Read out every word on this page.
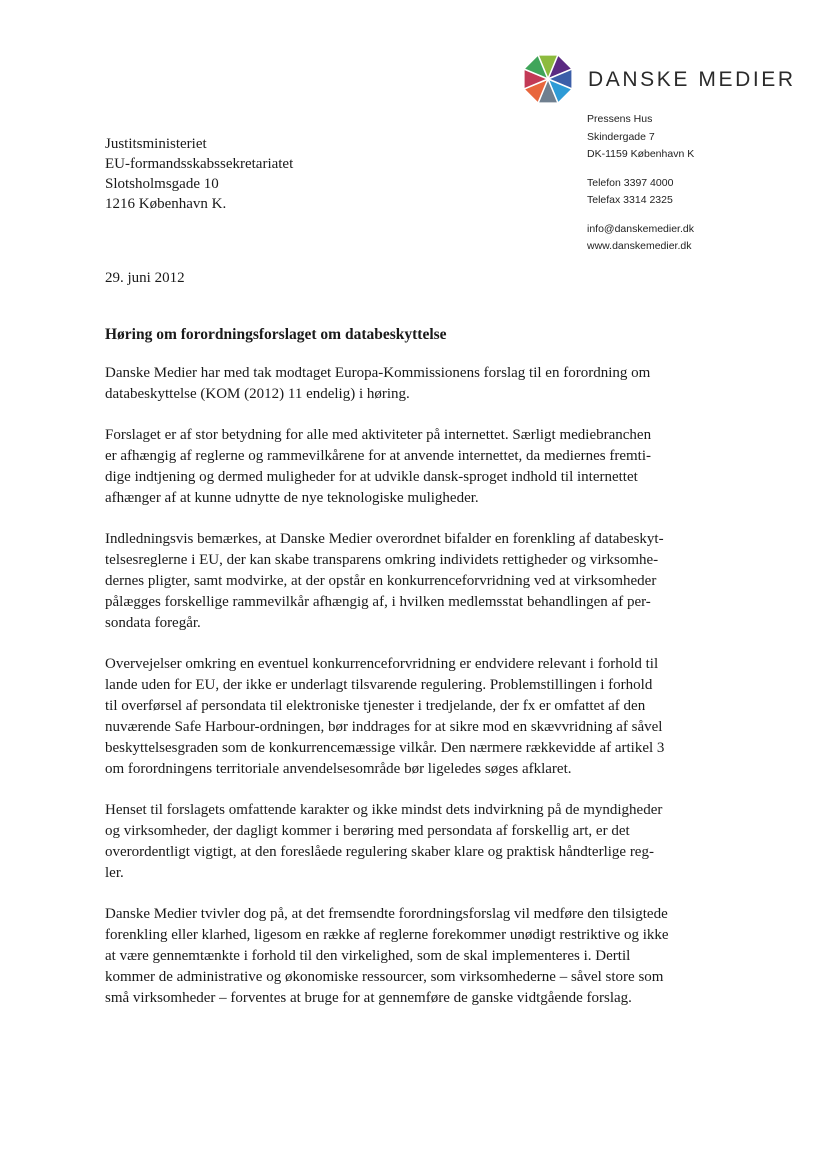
DANSKE MEDIER
Pressens Hus
Skindergade 7
DK-1159 København K
Telefon 3397 4000
Telefax 3314 2325
info@danskemedier.dk
www.danskemedier.dk
Justitsministeriet
EU-formandsskabssekretariatet
Slotsholmsgade 10
1216 København K.
29. juni 2012
Høring om forordningsforslaget om databeskyttelse

Danske Medier har med tak modtaget Europa-Kommissionens forslag til en forordning om
databeskyttelse (KOM (2012) 11 endelig) i høring.

Forslaget er af stor betydning for alle med aktiviteter på internettet. Særligt mediebranchen
er afhængig af reglerne og rammevilkårene for at anvende internettet, da mediernes fremti-
dige indtjening og dermed muligheder for at udvikle dansk-sproget indhold til internettet
afhænger af at kunne udnytte de nye teknologiske muligheder.

Indledningsvis bemærkes, at Danske Medier overordnet bifalder en forenkling af databeskyt-
telsesreglerne i EU, der kan skabe transparens omkring individets rettigheder og virksomhe-
dernes pligter, samt modvirke, at der opstår en konkurrenceforvridning ved at virksomheder
pålægges forskellige rammevilkår afhængig af, i hvilken medlemsstat behandlingen af per-
sondata foregår.

Overvejelser omkring en eventuel konkurrenceforvridning er endvidere relevant i forhold til
lande uden for EU, der ikke er underlagt tilsvarende regulering. Problemstillingen i forhold
til overførsel af persondata til elektroniske tjenester i tredjelande, der fx er omfattet af den
nuværende Safe Harbour-ordningen, bør inddrages for at sikre mod en skævvridning af såvel
beskyttelsesgraden som de konkurrencemæssige vilkår. Den nærmere rækkevidde af artikel 3
om forordningens territoriale anvendelsesområde bør ligeledes søges afklaret.

Henset til forslagets omfattende karakter og ikke mindst dets indvirkning på de myndigheder
og virksomheder, der dagligt kommer i berøring med persondata af forskellig art, er det
overordentligt vigtigt, at den foreslåede regulering skaber klare og praktisk håndterlige reg-
ler.

Danske Medier tvivler dog på, at det fremsendte forordningsforslag vil medføre den tilsigtede
forenkling eller klarhed, ligesom en række af reglerne forekommer unødigt restriktive og ikke
at være gennemtænkte i forhold til den virkelighed, som de skal implementeres i. Dertil
kommer de administrative og økonomiske ressourcer, som virksomhederne – såvel store som
små virksomheder – forventes at bruge for at gennemføre de ganske vidtgående forslag.
